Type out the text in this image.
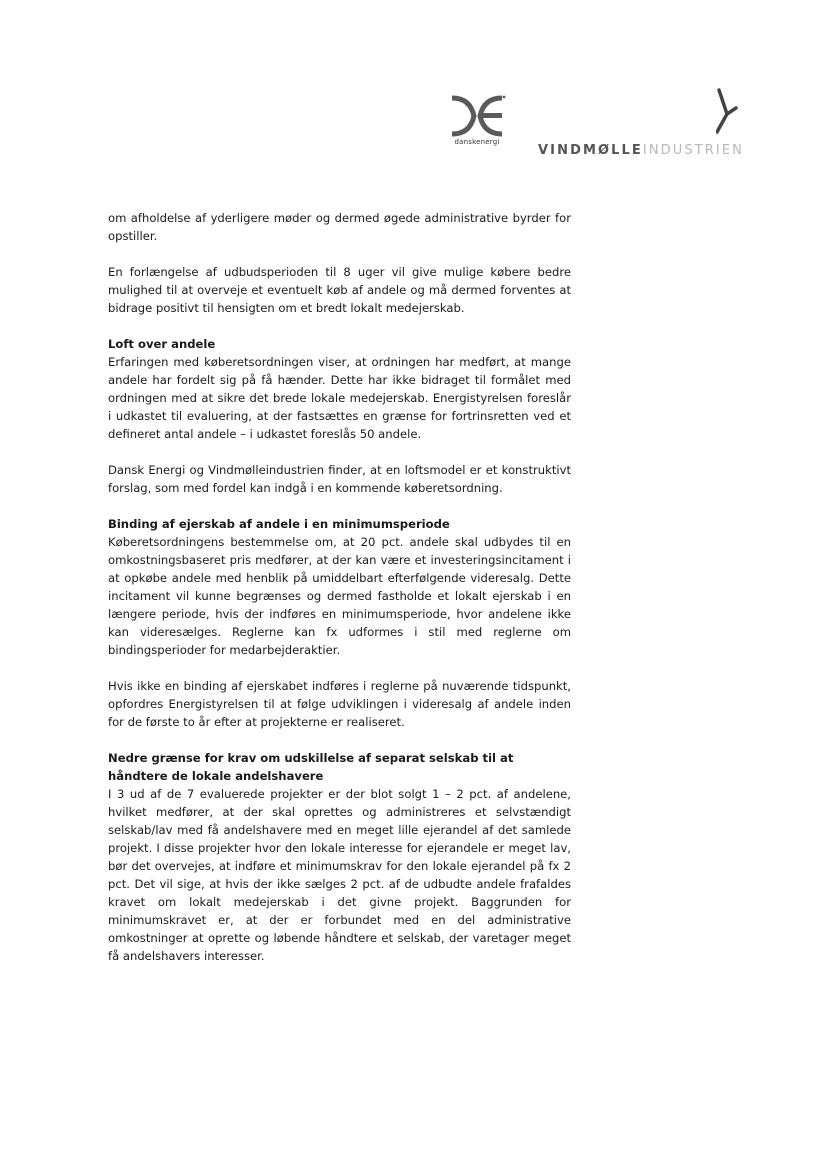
danskenergi
VINDMØLLEINDUSTRIEN

om afholdelse af yderligere møder og dermed øgede administrative byrder for opstiller.

En forlængelse af udbudsperioden til 8 uger vil give mulige købere bedre mulighed til at overveje et eventuelt køb af andele og må dermed forventes at bidrage positivt til hensigten om et bredt lokalt medejerskab.

Loft over andele

Erfaringen med køberetsordningen viser, at ordningen har medført, at mange andele har fordelt sig på få hænder. Dette har ikke bidraget til formålet med ordningen med at sikre det brede lokale medejerskab. Energistyrelsen foreslår i udkastet til evaluering, at der fastsættes en grænse for fortrinsretten ved et defineret antal andele – i udkastet foreslås 50 andele.

Dansk Energi og Vindmølleindustrien finder, at en loftsmodel er et konstruktivt forslag, som med fordel kan indgå i en kommende køberetsordning.

Binding af ejerskab af andele i en minimumsperiode

Køberetsordningens bestemmelse om, at 20 pct. andele skal udbydes til en omkostningsbaseret pris medfører, at der kan være et investeringsincitament i at opkøbe andele med henblik på umiddelbart efterfølgende videresalg. Dette incitament vil kunne begrænses og dermed fastholde et lokalt ejerskab i en længere periode, hvis der indføres en minimumsperiode, hvor andelene ikke kan videresælges. Reglerne kan fx udformes i stil med reglerne om bindingsperioder for medarbejderaktier.

Hvis ikke en binding af ejerskabet indføres i reglerne på nuværende tidspunkt, opfordres Energistyrelsen til at følge udviklingen i videresalg af andele inden for de første to år efter at projekterne er realiseret.

Nedre grænse for krav om udskillelse af separat selskab til at håndtere de lokale andelshavere

I 3 ud af de 7 evaluerede projekter er der blot solgt 1 – 2 pct. af andelene, hvilket medfører, at der skal oprettes og administreres et selvstændigt selskab/lav med få andelshavere med en meget lille ejerandel af det samlede projekt. I disse projekter hvor den lokale interesse for ejerandele er meget lav, bør det overvejes, at indføre et minimumskrav for den lokale ejerandel på fx 2 pct. Det vil sige, at hvis der ikke sælges 2 pct. af de udbudte andele frafaldes kravet om lokalt medejerskab i det givne projekt. Baggrunden for minimumskravet er, at der er forbundet med en del administrative omkostninger at oprette og løbende håndtere et selskab, der varetager meget få andelshavers interesser.
